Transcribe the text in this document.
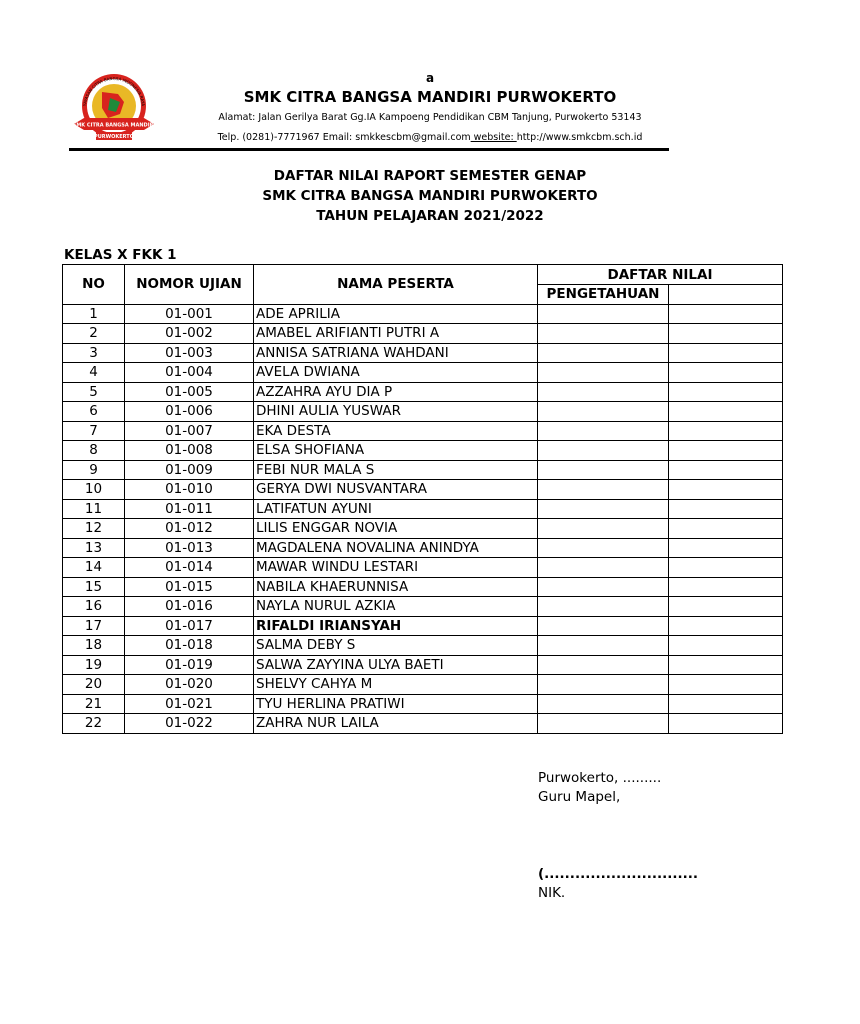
a
YAYASAN CITRA BANGSA INDONESIA RAYA
SMK CITRA BANGSA MANDIRI
PURWOKERTO
SMK CITRA BANGSA MANDIRI PURWOKERTO
Alamat: Jalan Gerilya Barat Gg.IA Kampoeng Pendidikan CBM Tanjung, Purwokerto 53143
Telp. (0281)-7771967 Email: smkkescbm@gmail.com website: http://www.smkcbm.sch.id
DAFTAR NILAI RAPORT SEMESTER GENAP
SMK CITRA BANGSA MANDIRI PURWOKERTO
TAHUN PELAJARAN 2021/2022
KELAS X FKK 1
NO	NOMOR UJIAN	NAMA PESERTA	DAFTAR NILAI	
			PENGETAHUAN	
1	01-001	ADE APRILIA		
2	01-002	AMABEL ARIFIANTI PUTRI A		
3	01-003	ANNISA SATRIANA WAHDANI		
4	01-004	AVELA DWIANA		
5	01-005	AZZAHRA AYU DIA P		
6	01-006	DHINI AULIA YUSWAR		
7	01-007	EKA DESTA		
8	01-008	ELSA SHOFIANA		
9	01-009	FEBI NUR MALA S		
10	01-010	GERYA DWI NUSVANTARA		
11	01-011	LATIFATUN AYUNI		
12	01-012	LILIS ENGGAR NOVIA		
13	01-013	MAGDALENA NOVALINA ANINDYA		
14	01-014	MAWAR WINDU LESTARI		
15	01-015	NABILA KHAERUNNISA		
16	01-016	NAYLA NURUL AZKIA		
17	01-017	RIFALDI IRIANSYAH		
18	01-018	SALMA DEBY S		
19	01-019	SALWA ZAYYINA ULYA BAETI		
20	01-020	SHELVY CAHYA M		
21	01-021	TYU HERLINA PRATIWI		
22	01-022	ZAHRA NUR LAILA		
Purwokerto, .........
Guru Mapel,
(..............................
NIK.
